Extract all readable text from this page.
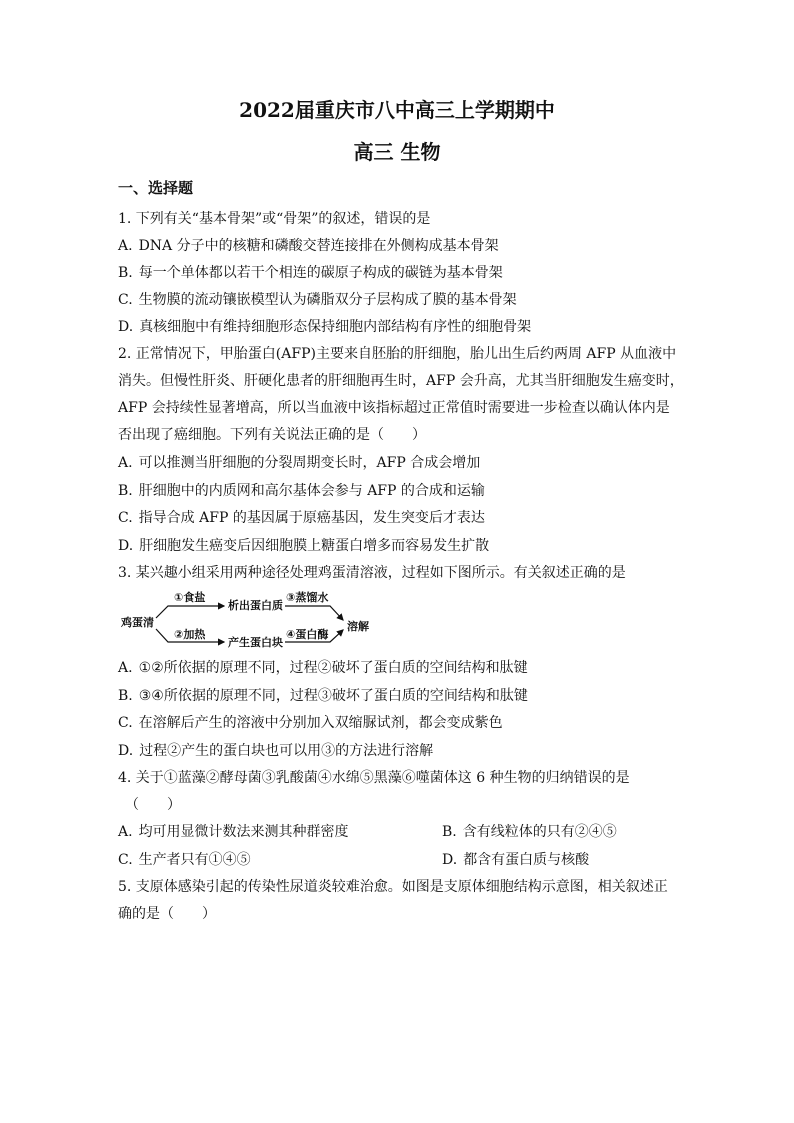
2022届重庆市八中高三上学期期中
高三 生物
一、选择题
1. 下列有关“基本骨架”或“骨架”的叙述，错误的是
A. DNA 分子中的核糖和磷酸交替连接排在外侧构成基本骨架
B. 每一个单体都以若干个相连的碳原子构成的碳链为基本骨架
C. 生物膜的流动镶嵌模型认为磷脂双分子层构成了膜的基本骨架
D. 真核细胞中有维持细胞形态保持细胞内部结构有序性的细胞骨架
2. 正常情况下，甲胎蛋白(AFP)主要来自胚胎的肝细胞，胎儿出生后约两周 AFP 从血液中
消失。但慢性肝炎、肝硬化患者的肝细胞再生时，AFP 会升高，尤其当肝细胞发生癌变时，
AFP 会持续性显著增高，所以当血液中该指标超过正常值时需要进一步检查以确认体内是
否出现了癌细胞。下列有关说法正确的是（　　）
A. 可以推测当肝细胞的分裂周期变长时，AFP 合成会增加
B. 肝细胞中的内质网和高尔基体会参与 AFP 的合成和运输
C. 指导合成 AFP 的基因属于原癌基因，发生突变后才表达
D. 肝细胞发生癌变后因细胞膜上糖蛋白增多而容易发生扩散
3. 某兴趣小组采用两种途径处理鸡蛋清溶液，过程如下图所示。有关叙述正确的是
鸡蛋清
①食盐
析出蛋白质
②加热
产生蛋白块
③蒸馏水
④蛋白酶
溶解
A. ①②所依据的原理不同，过程②破坏了蛋白质的空间结构和肽键
B. ③④所依据的原理不同，过程③破坏了蛋白质的空间结构和肽键
C. 在溶解后产生的溶液中分别加入双缩脲试剂，都会变成紫色
D. 过程②产生的蛋白块也可以用③的方法进行溶解
4. 关于①蓝藻②酵母菌③乳酸菌④水绵⑤黑藻⑥噬菌体这 6 种生物的归纳错误的是
（　　）
A. 均可用显微计数法来测其种群密度	B. 含有线粒体的只有②④⑤
C. 生产者只有①④⑤	D. 都含有蛋白质与核酸
5. 支原体感染引起的传染性尿道炎较难治愈。如图是支原体细胞结构示意图，相关叙述正
确的是（　　）
